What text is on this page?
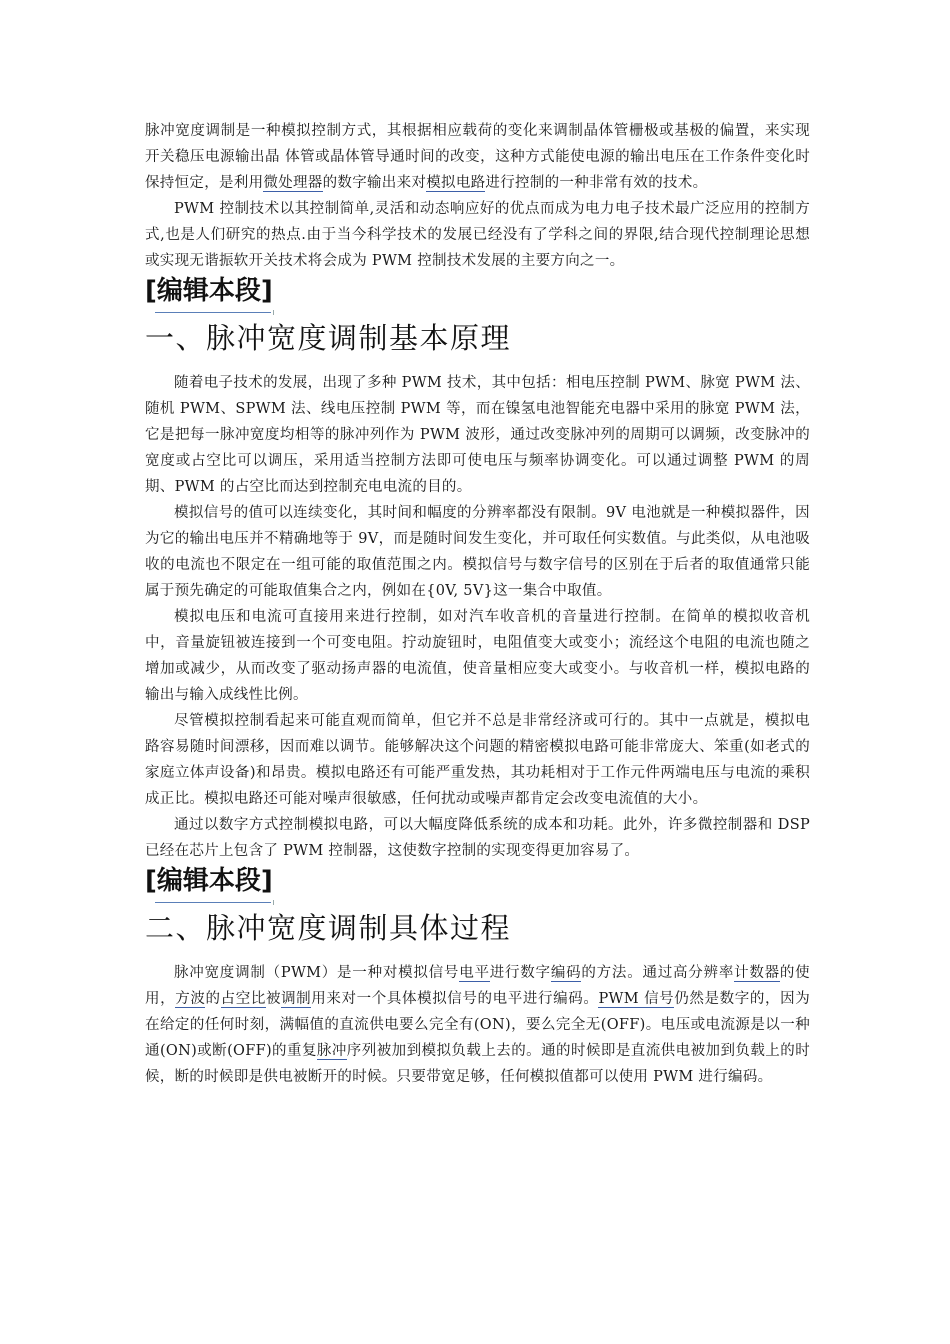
脉冲宽度调制是一种模拟控制方式，其根据相应载荷的变化来调制晶体管栅极或基极的偏置，来实现开关稳压电源输出晶 体管或晶体管导通时间的改变，这种方式能使电源的输出电压在工作条件变化时保持恒定，是利用微处理器的数字输出来对模拟电路进行控制的一种非常有效的技术。

PWM 控制技术以其控制简单,灵活和动态响应好的优点而成为电力电子技术最广泛应用的控制方式,也是人们研究的热点.由于当今科学技术的发展已经没有了学科之间的界限,结合现代控制理论思想或实现无谐振软开关技术将会成为 PWM 控制技术发展的主要方向之一。

[编辑本段]
一、脉冲宽度调制基本原理

随着电子技术的发展，出现了多种 PWM 技术，其中包括：相电压控制 PWM、脉宽 PWM 法、随机 PWM、SPWM 法、线电压控制 PWM 等，而在镍氢电池智能充电器中采用的脉宽 PWM 法，它是把每一脉冲宽度均相等的脉冲列作为 PWM 波形，通过改变脉冲列的周期可以调频，改变脉冲的宽度或占空比可以调压，采用适当控制方法即可使电压与频率协调变化。可以通过调整 PWM 的周期、PWM 的占空比而达到控制充电电流的目的。

模拟信号的值可以连续变化，其时间和幅度的分辨率都没有限制。9V 电池就是一种模拟器件，因为它的输出电压并不精确地等于 9V，而是随时间发生变化，并可取任何实数值。与此类似，从电池吸收的电流也不限定在一组可能的取值范围之内。模拟信号与数字信号的区别在于后者的取值通常只能属于预先确定的可能取值集合之内，例如在{0V, 5V}这一集合中取值。

模拟电压和电流可直接用来进行控制，如对汽车收音机的音量进行控制。在简单的模拟收音机中，音量旋钮被连接到一个可变电阻。拧动旋钮时，电阻值变大或变小；流经这个电阻的电流也随之增加或减少，从而改变了驱动扬声器的电流值，使音量相应变大或变小。与收音机一样，模拟电路的输出与输入成线性比例。

尽管模拟控制看起来可能直观而简单，但它并不总是非常经济或可行的。其中一点就是，模拟电路容易随时间漂移，因而难以调节。能够解决这个问题的精密模拟电路可能非常庞大、笨重(如老式的家庭立体声设备)和昂贵。模拟电路还有可能严重发热，其功耗相对于工作元件两端电压与电流的乘积成正比。模拟电路还可能对噪声很敏感，任何扰动或噪声都肯定会改变电流值的大小。

通过以数字方式控制模拟电路，可以大幅度降低系统的成本和功耗。此外，许多微控制器和 DSP 已经在芯片上包含了 PWM 控制器，这使数字控制的实现变得更加容易了。

[编辑本段]
二、脉冲宽度调制具体过程

脉冲宽度调制（PWM）是一种对模拟信号电平进行数字编码的方法。通过高分辨率计数器的使用，方波的占空比被调制用来对一个具体模拟信号的电平进行编码。PWM 信号仍然是数字的，因为在给定的任何时刻，满幅值的直流供电要么完全有(ON)，要么完全无(OFF)。电压或电流源是以一种通(ON)或断(OFF)的重复脉冲序列被加到模拟负载上去的。通的时候即是直流供电被加到负载上的时候，断的时候即是供电被断开的时候。只要带宽足够，任何模拟值都可以使用 PWM 进行编码。
